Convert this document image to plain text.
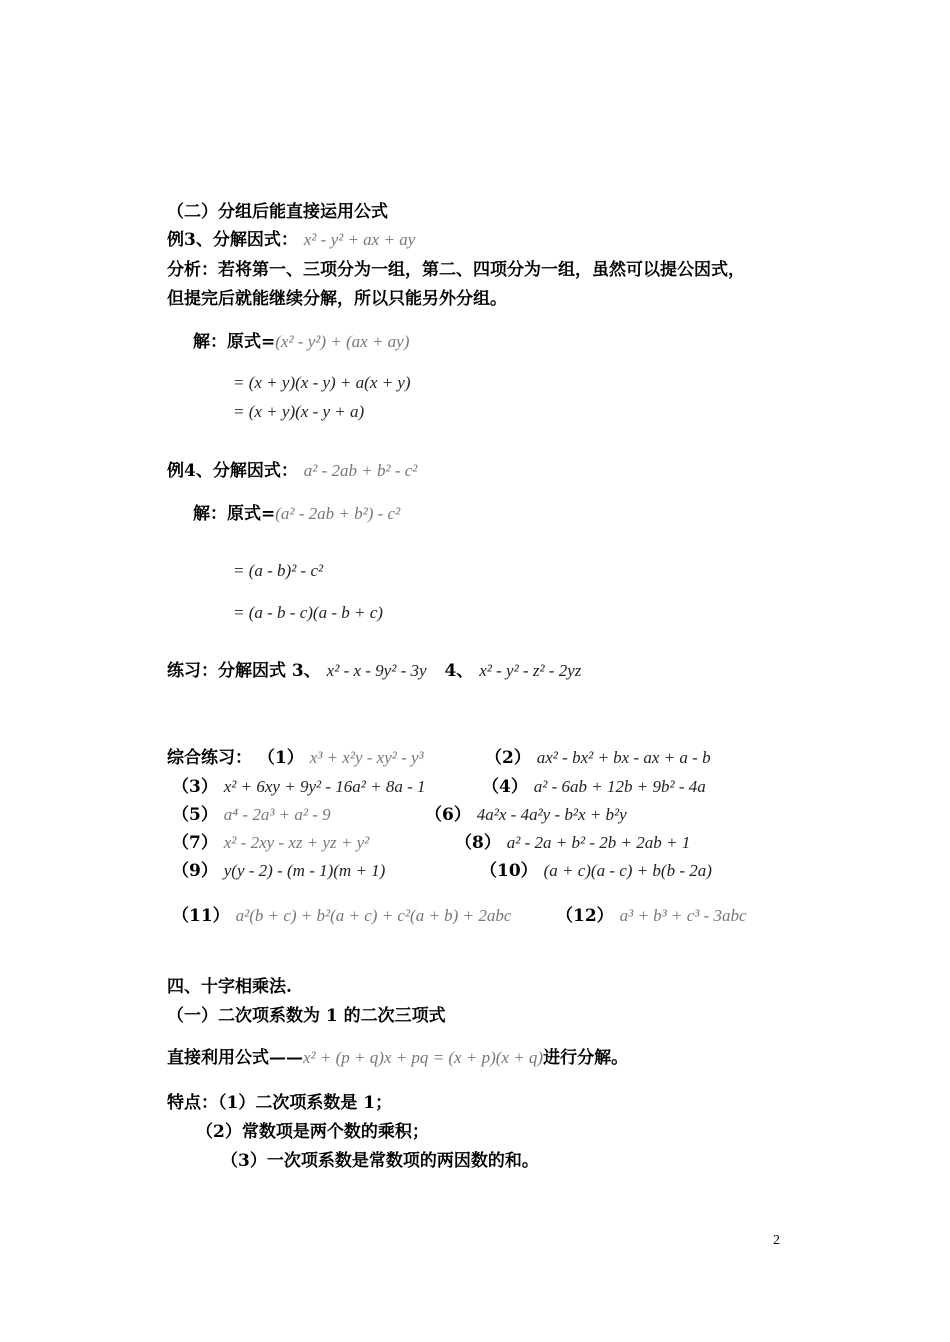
（二）分组后能直接运用公式
例3、分解因式： x² - y² + ax + ay
分析：若将第一、三项分为一组，第二、四项分为一组，虽然可以提公因式，
但提完后就能继续分解，所以只能另外分组。
解：原式=(x² - y²) + (ax + ay)
= (x + y)(x - y) + a(x + y)
= (x + y)(x - y + a)
例4、分解因式： a² - 2ab + b² - c²
解：原式=(a² - 2ab + b²) - c²
= (a - b)² - c²
= (a - b - c)(a - b + c)
练习：分解因式 3、 x² - x - 9y² - 3y 4、 x² - y² - z² - 2yz
综合练习： （1） x³ + x²y - xy² - y³	（2） ax² - bx² + bx - ax + a - b
（3） x² + 6xy + 9y² - 16a² + 8a - 1	（4） a² - 6ab + 12b + 9b² - 4a
（5） a⁴ - 2a³ + a² - 9	（6） 4a²x - 4a²y - b²x + b²y
（7） x² - 2xy - xz + yz + y²	（8） a² - 2a + b² - 2b + 2ab + 1
（9） y(y - 2) - (m - 1)(m + 1)	（10） (a + c)(a - c) + b(b - 2a)
（11） a²(b + c) + b²(a + c) + c²(a + b) + 2abc	（12） a³ + b³ + c³ - 3abc
四、十字相乘法.
（一）二次项系数为 1 的二次三项式
直接利用公式——x² + (p + q)x + pq = (x + p)(x + q)进行分解。
特点：（1）二次项系数是 1；
（2）常数项是两个数的乘积；
（3）一次项系数是常数项的两因数的和。
2
